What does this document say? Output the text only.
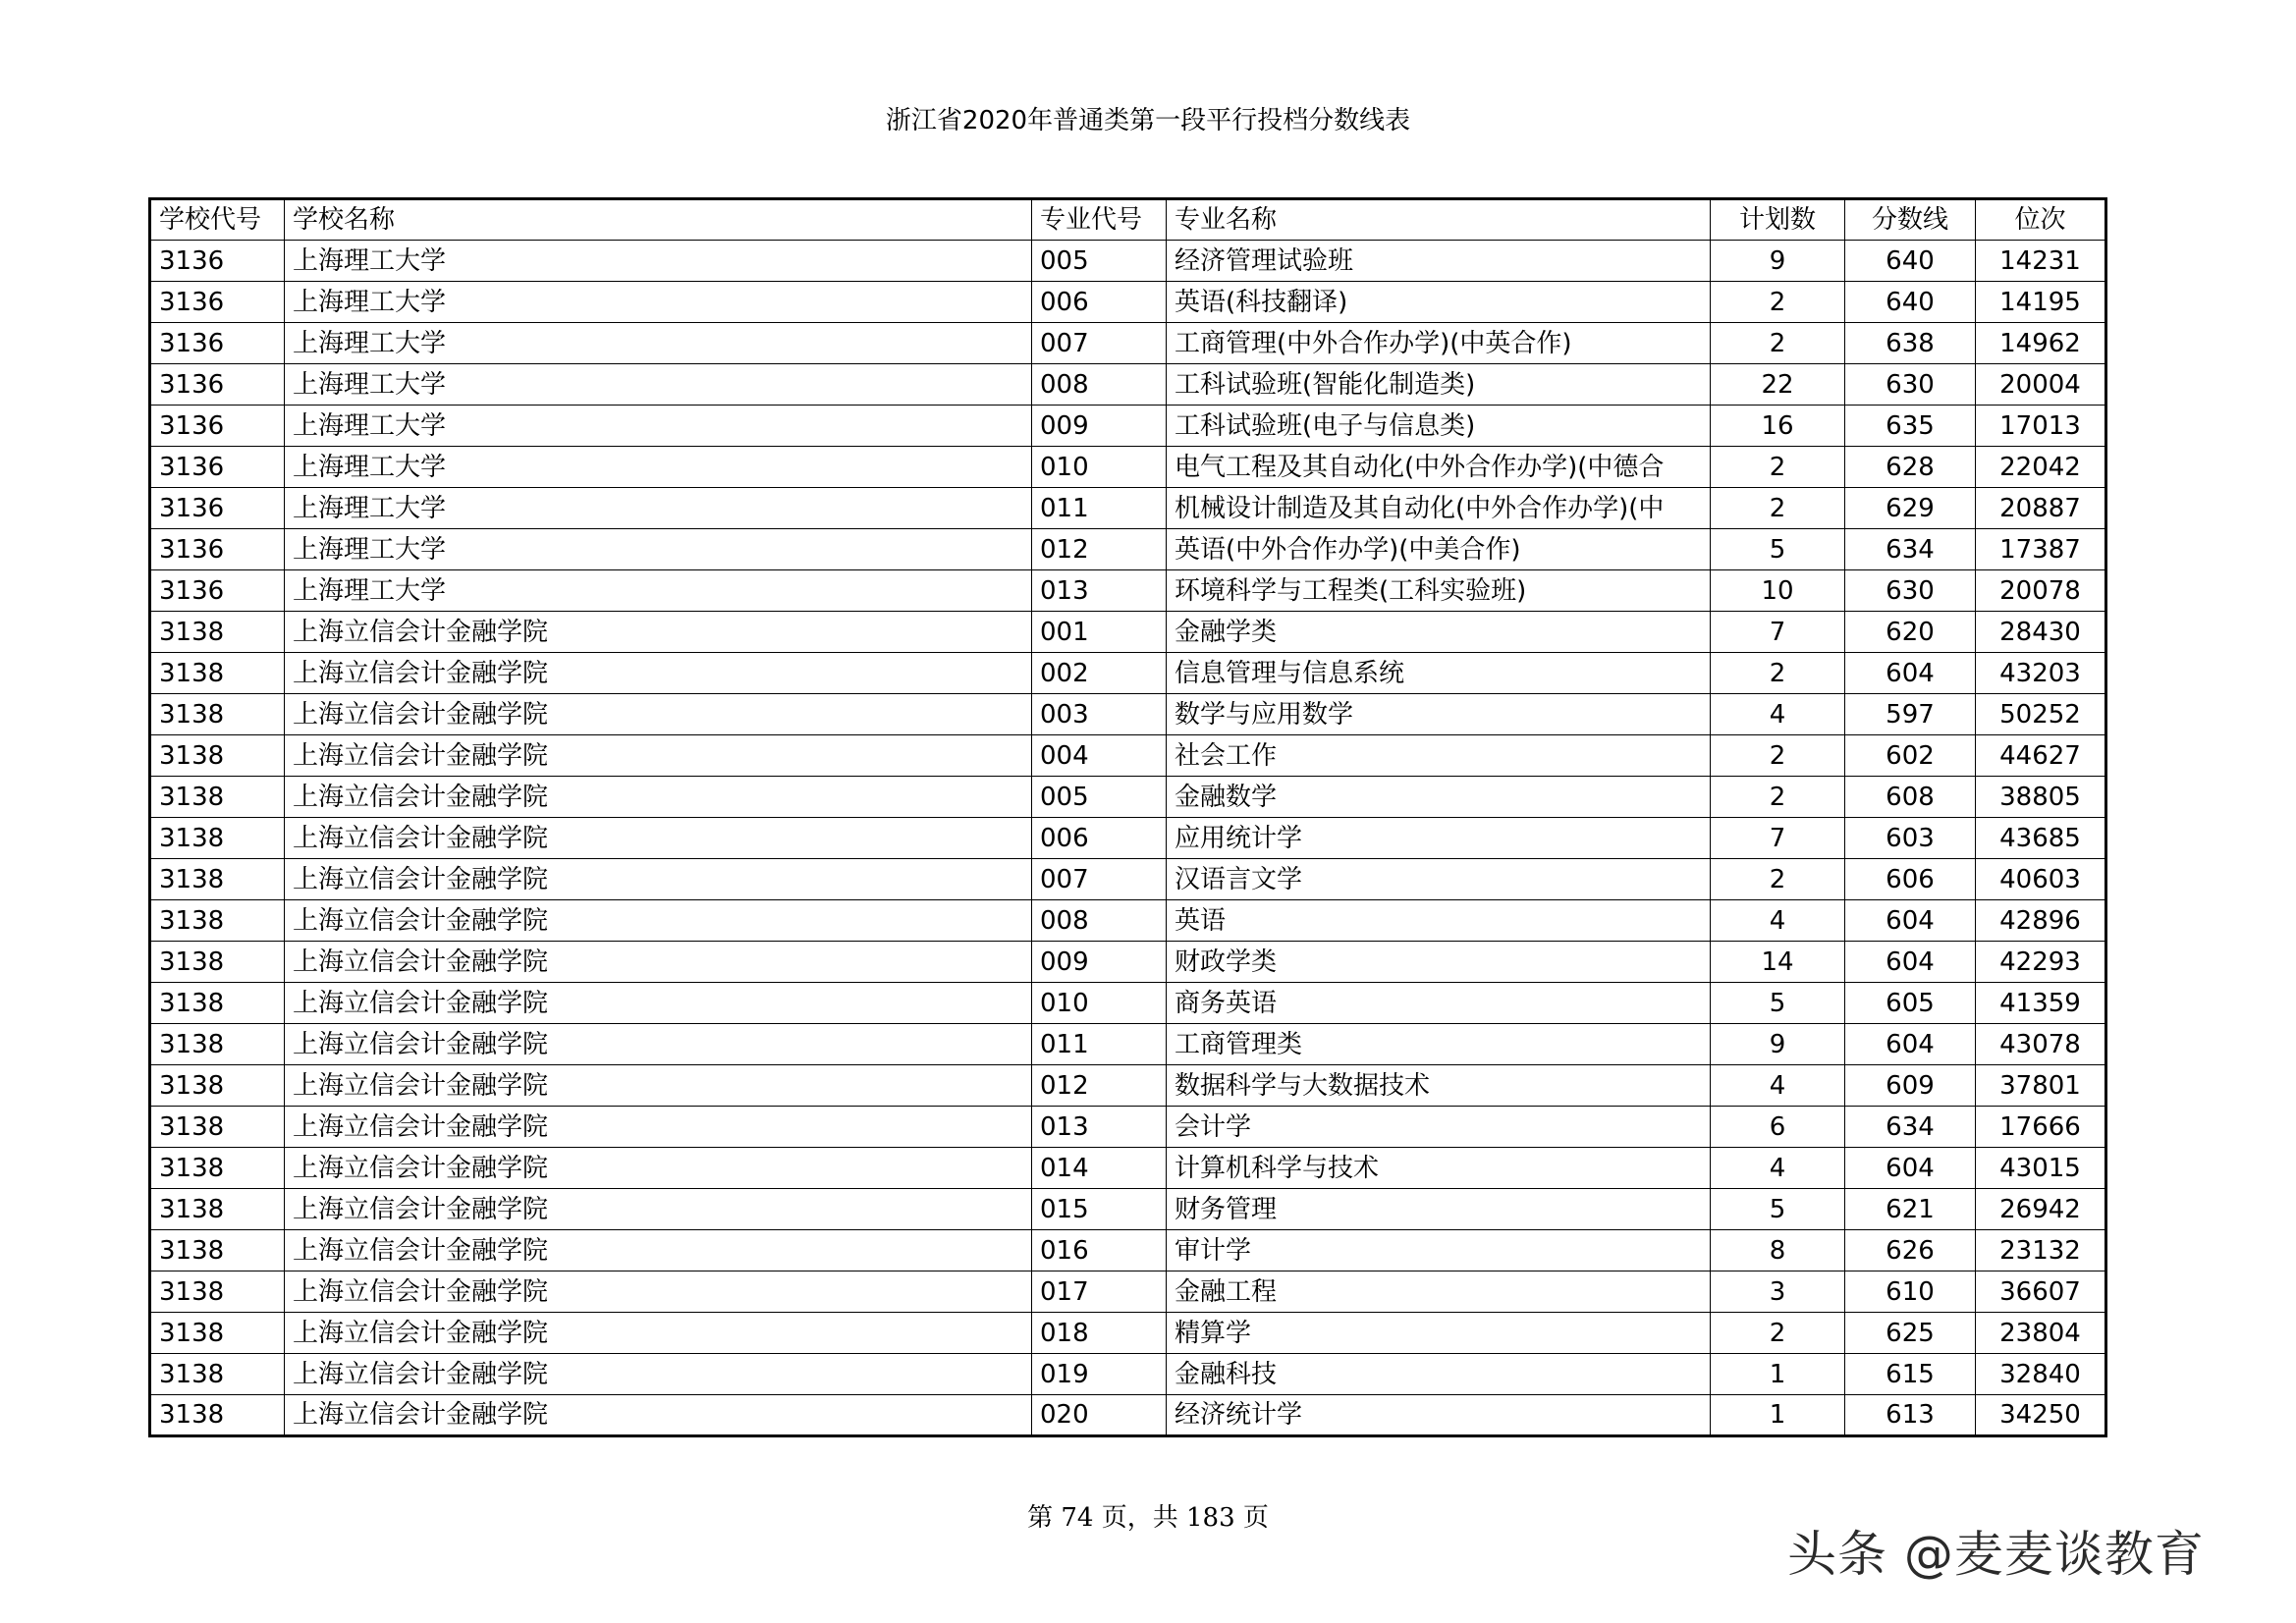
浙江省2020年普通类第一段平行投档分数线表
学校代号	学校名称	专业代号	专业名称	计划数	分数线	位次
3136	上海理工大学	005	经济管理试验班	9	640	14231
3136	上海理工大学	006	英语(科技翻译)	2	640	14195
3136	上海理工大学	007	工商管理(中外合作办学)(中英合作)	2	638	14962
3136	上海理工大学	008	工科试验班(智能化制造类)	22	630	20004
3136	上海理工大学	009	工科试验班(电子与信息类)	16	635	17013
3136	上海理工大学	010	电气工程及其自动化(中外合作办学)(中德合	2	628	22042
3136	上海理工大学	011	机械设计制造及其自动化(中外合作办学)(中	2	629	20887
3136	上海理工大学	012	英语(中外合作办学)(中美合作)	5	634	17387
3136	上海理工大学	013	环境科学与工程类(工科实验班)	10	630	20078
3138	上海立信会计金融学院	001	金融学类	7	620	28430
3138	上海立信会计金融学院	002	信息管理与信息系统	2	604	43203
3138	上海立信会计金融学院	003	数学与应用数学	4	597	50252
3138	上海立信会计金融学院	004	社会工作	2	602	44627
3138	上海立信会计金融学院	005	金融数学	2	608	38805
3138	上海立信会计金融学院	006	应用统计学	7	603	43685
3138	上海立信会计金融学院	007	汉语言文学	2	606	40603
3138	上海立信会计金融学院	008	英语	4	604	42896
3138	上海立信会计金融学院	009	财政学类	14	604	42293
3138	上海立信会计金融学院	010	商务英语	5	605	41359
3138	上海立信会计金融学院	011	工商管理类	9	604	43078
3138	上海立信会计金融学院	012	数据科学与大数据技术	4	609	37801
3138	上海立信会计金融学院	013	会计学	6	634	17666
3138	上海立信会计金融学院	014	计算机科学与技术	4	604	43015
3138	上海立信会计金融学院	015	财务管理	5	621	26942
3138	上海立信会计金融学院	016	审计学	8	626	23132
3138	上海立信会计金融学院	017	金融工程	3	610	36607
3138	上海立信会计金融学院	018	精算学	2	625	23804
3138	上海立信会计金融学院	019	金融科技	1	615	32840
3138	上海立信会计金融学院	020	经济统计学	1	613	34250
第 74 页，共 183 页
头条 @麦麦谈教育
